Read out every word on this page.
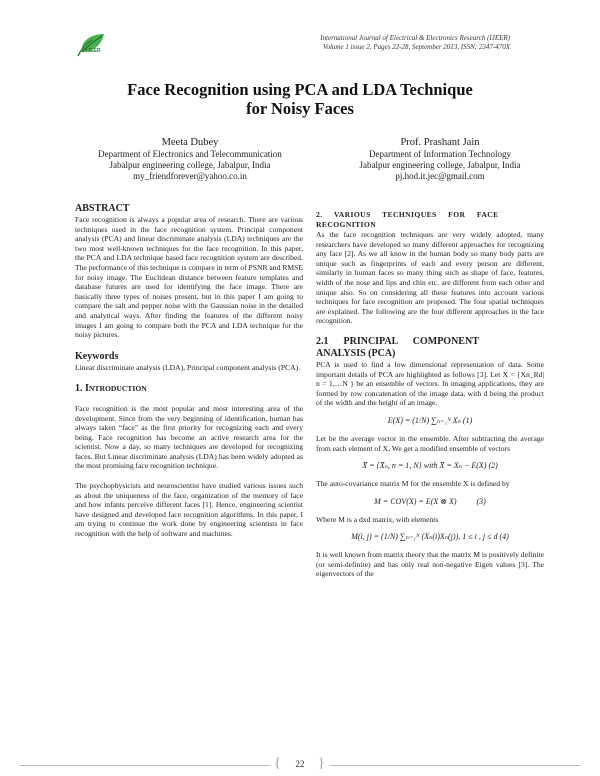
IJEER
International Journal of Electrical & Electronics Research (IJEER)
Volume 1 issue 2, Pages 22-28, September 2013, ISSN: 2347-470X
Face Recognition using PCA and LDA Technique
for Noisy Faces
Meeta Dubey
Department of Electronics and Telecommunication
Jabalpur engineering college, Jabalpur, India
my_friendforever@yahoo.co.in
Prof. Prashant Jain
Department of Information Technology
Jabalpur engineering college, Jabalpur, India
pj.hod.it.jec@gmail.com
ABSTRACT

Face recognition is always a popular area of research. There are various techniques used in the face recognition system. Principal component analysis (PCA) and linear discriminate analysis (LDA) techniques are the two most well-known techniques for the face recognition. In this paper, the PCA and LDA technique based face recognition system are described. The performance of this technique is compare in term of PSNR and RMSE for noisy image. The Euclidean distance between feature templates and database futures are used for identifying the face image. There are basically three types of noises present, but in this paper I am going to compare the salt and pepper noise with the Gaussian noise in the detailed and analytical ways. After finding the features of the different noisy images I am going to compare both the PCA and LDA technique for the noisy pictures.

Keywords

Linear discriminate analysis (LDA), Principal component analysis (PCA).

1. INTRODUCTION

Face recognition is the most popular and most interesting area of the development. Since from the very beginning of identification, human has always taken “face” as the first priority for recognizing each and every being. Face recognition has become an active research area for the scientist. Now a day, so many techniques are developed for recognizing faces. But Linear discriminate analysis (LDA) has been widely adopted as the most promising face recognition technique.

The psychophysicists and neuroscientist have studied various issues such as about the uniqueness of the face, organization of the memory of face and how infants perceive different faces [1]. Hence, engineering scientist have designed and developed face recognition algorithms. In this paper, I am trying to continue the work done by engineering scientists in face recognition with the help of software and machines.

2.     VARIOUS     TECHNIQUES     FOR     FACE
RECOGNITION

As the face recognition techniques are very widely adopted, many researchers have developed so many different approaches for recognizing any face [2]. As we all know in the human body so many body parts are unique such as fingerprints of each and every person are different, similarly in human faces so many thing such as shape of face, features, width of the nose and lips and chin etc. are different from each other and unique also. So on considering all these features into account various techniques for face recognition are proposed. The four spatial techniques are explained. The following are the four different approaches in the face recognition.

2.1      PRINCIPAL      COMPONENT
ANALYSIS (PCA)

PCA is used to find a low dimensional representation of data. Some important details of PCA are highlighted as follows [3]. Let X = {Xn_Rd| n = 1,…N } be an ensemble of vectors. In imaging applications, they are formed by row concatenation of the image data, with d being the product of the width and the height of an image.

E(X) = (1/N) ∑ₙ₌₁ᴺ Xₙ (1)

Let be the average vector in the ensemble. After subtracting the average from each element of X, We get a modified ensemble of vectors

X̄ = {X̄ₙ, n = 1, N} with X̄ = Xₙ − E(X) (2)

The auto-covariance matrix M for the ensemble X is defined by

M = COV(X) = E(X ⊗ X)          (3)

Where M is a dxd matrix, with elements

M(i, j) = (1/N) ∑ₙ₌₁ᴺ (Xₙ(i)Xₙ(j)), 1 ≤ i , j ≤ d (4)

It is well known from matrix theory that the matrix M is positively definite (or semi-definite) and has only real non-negative Eigen values [3]. The eigenvectors of the

{	22 }
